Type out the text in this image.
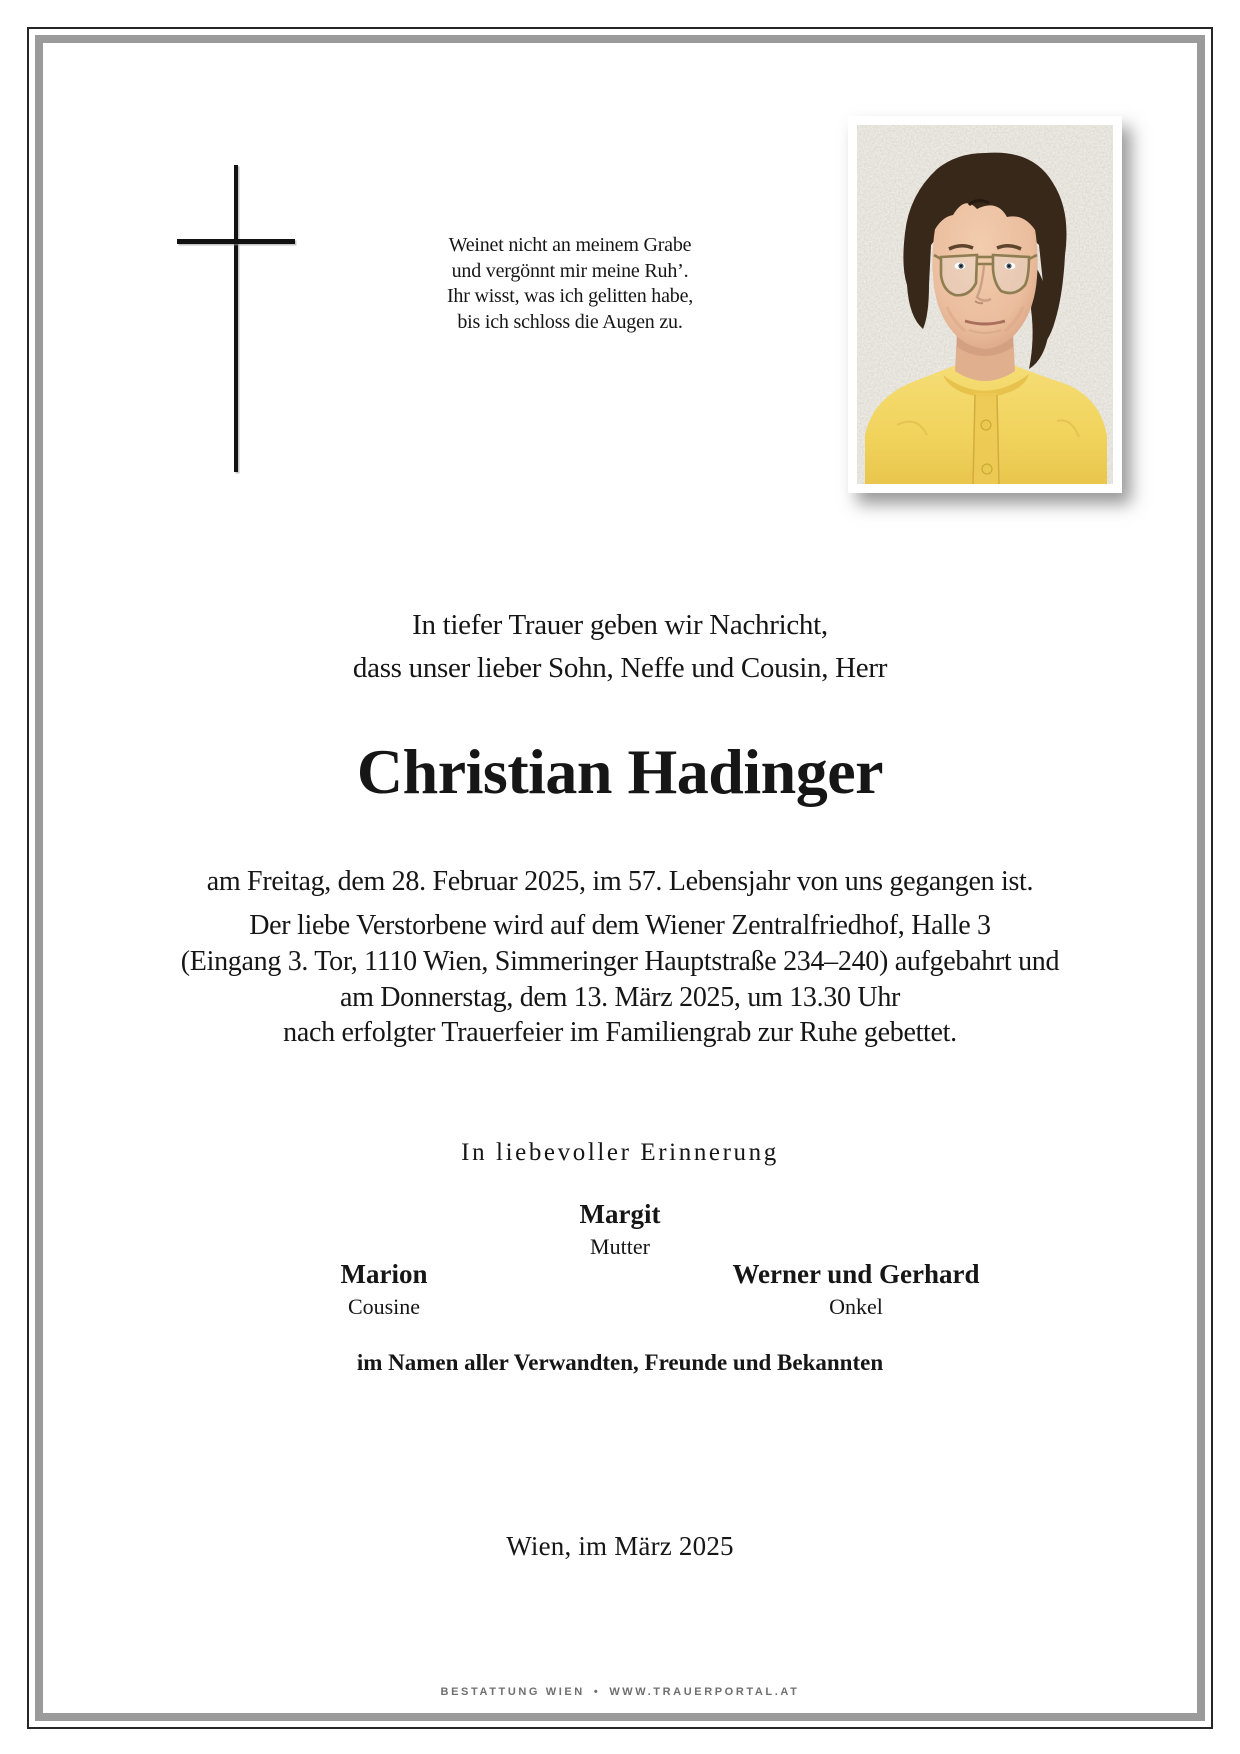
Weinet nicht an meinem Grabe
und vergönnt mir meine Ruh’.
Ihr wisst, was ich gelitten habe,
bis ich schloss die Augen zu.
In tiefer Trauer geben wir Nachricht,
dass unser lieber Sohn, Neffe und Cousin, Herr
Christian Hadinger
am Freitag, dem 28. Februar 2025, im 57. Lebensjahr von uns gegangen ist.
Der liebe Verstorbene wird auf dem Wiener Zentralfriedhof, Halle 3
(Eingang 3. Tor, 1110 Wien, Simmeringer Hauptstraße 234–240) aufgebahrt und
am Donnerstag, dem 13. März 2025, um 13.30 Uhr
nach erfolgter Trauerfeier im Familiengrab zur Ruhe gebettet.
In liebevoller Erinnerung
Margit
Mutter
Marion
Cousine
Werner und Gerhard
Onkel
im Namen aller Verwandten, Freunde und Bekannten
Wien, im März 2025
BESTATTUNG WIEN • WWW.TRAUERPORTAL.AT
